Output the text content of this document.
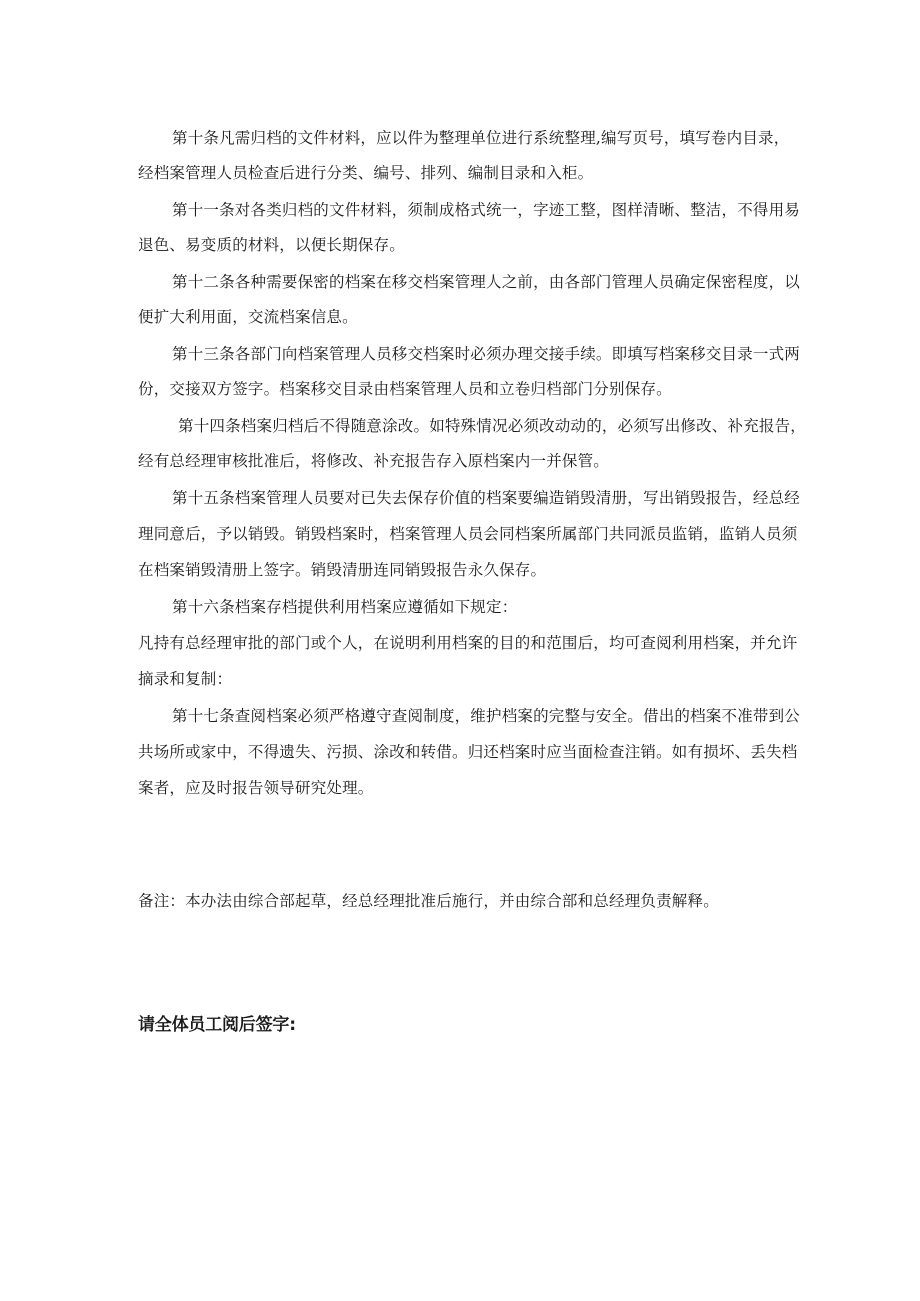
第十条凡需归档的文件材料，应以件为整理单位进行系统整理,编写页号，填写卷内目录，
经档案管理人员检查后进行分类、编号、排列、编制目录和入柜。
第十一条对各类归档的文件材料，须制成格式统一，字迹工整，图样清晰、整洁，不得用易
退色、易变质的材料，以便长期保存。
第十二条各种需要保密的档案在移交档案管理人之前，由各部门管理人员确定保密程度，以
便扩大利用面，交流档案信息。
第十三条各部门向档案管理人员移交档案时必须办理交接手续。即填写档案移交目录一式两
份，交接双方签字。档案移交目录由档案管理人员和立卷归档部门分别保存。
第十四条档案归档后不得随意涂改。如特殊情况必须改动动的，必须写出修改、补充报告，
经有总经理审核批准后，将修改、补充报告存入原档案内一并保管。
第十五条档案管理人员要对已失去保存价值的档案要编造销毁清册，写出销毁报告，经总经
理同意后，予以销毁。销毁档案时，档案管理人员会同档案所属部门共同派员监销，监销人员须
在档案销毁清册上签字。销毁清册连同销毁报告永久保存。
第十六条档案存档提供利用档案应遵循如下规定：
凡持有总经理审批的部门或个人，在说明利用档案的目的和范围后，均可查阅利用档案，并允许
摘录和复制：
第十七条查阅档案必须严格遵守查阅制度，维护档案的完整与安全。借出的档案不准带到公
共场所或家中，不得遗失、污损、涂改和转借。归还档案时应当面检查注销。如有损坏、丢失档
案者，应及时报告领导研究处理。
备注：本办法由综合部起草，经总经理批准后施行，并由综合部和总经理负责解释。
请全体员工阅后签字:
